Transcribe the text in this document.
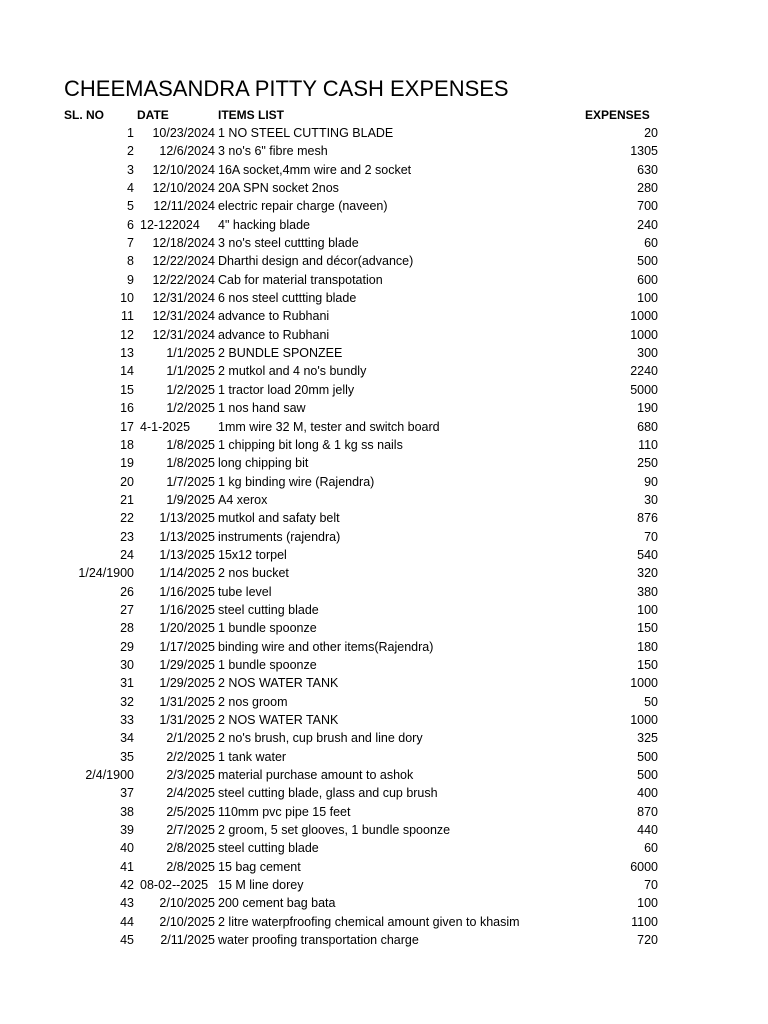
CHEEMASANDRA PITTY CASH EXPENSES
SL. NO	DATE	ITEMS LIST	EXPENSES
1 10/23/2024 1 NO STEEL CUTTING BLADE	20
2 12/6/2024 3 no's 6" fibre mesh	1305
3 12/10/2024 16A socket,4mm wire and 2 socket	630
4 12/10/2024 20A SPN socket 2nos	280
5 12/11/2024 electric repair charge (naveen)	700
6 12-122024 4" hacking blade	240
7 12/18/2024 3 no's steel cuttting blade	60
8 12/22/2024 Dharthi design and décor(advance)	500
9 12/22/2024 Cab for material transpotation	600
10 12/31/2024 6 nos steel cuttting blade	100
11 12/31/2024 advance to Rubhani	1000
12 12/31/2024 advance to Rubhani	1000
13	1/1/2025 2 BUNDLE SPONZEE	300
14	1/1/2025 2 mutkol and 4 no's bundly	2240
15	1/2/2025 1 tractor load 20mm jelly	5000
16	1/2/2025 1 nos hand saw	190
17 4-1-2025 1mm wire 32 M, tester and switch board	680
18	1/8/2025 1 chipping bit long & 1 kg ss nails	110
19	1/8/2025 long chipping bit	250
20	1/7/2025 1 kg binding wire (Rajendra)	90
21	1/9/2025 A4 xerox	30
22 1/13/2025 mutkol and safaty belt	876
23 1/13/2025 instruments (rajendra)	70
24 1/13/2025 15x12 torpel	540
1/24/1900 1/14/2025 2 nos bucket	320
26 1/16/2025 tube level	380
27 1/16/2025 steel cutting blade	100
28 1/20/2025 1 bundle spoonze	150
29 1/17/2025 binding wire and other items(Rajendra)	180
30 1/29/2025 1 bundle spoonze	150
31 1/29/2025 2 NOS WATER TANK	1000
32 1/31/2025 2 nos groom	50
33 1/31/2025 2 NOS WATER TANK	1000
34	2/1/2025 2 no's brush, cup brush and line dory	325
35	2/2/2025 1 tank water	500
2/4/1900	2/3/2025 material purchase amount to ashok	500
37	2/4/2025 steel cutting blade, glass and cup brush	400
38	2/5/2025 110mm pvc pipe 15 feet	870
39	2/7/2025 2 groom, 5 set glooves, 1 bundle spoonze	440
40	2/8/2025 steel cutting blade	60
41	2/8/2025 15 bag cement	6000
42 08-02--2025 15 M line dorey	70
43 2/10/2025 200 cement bag bata	100
44 2/10/2025 2 litre waterpfroofing chemical amount given to khasim	1100
45 2/11/2025 water proofing transportation charge	720
